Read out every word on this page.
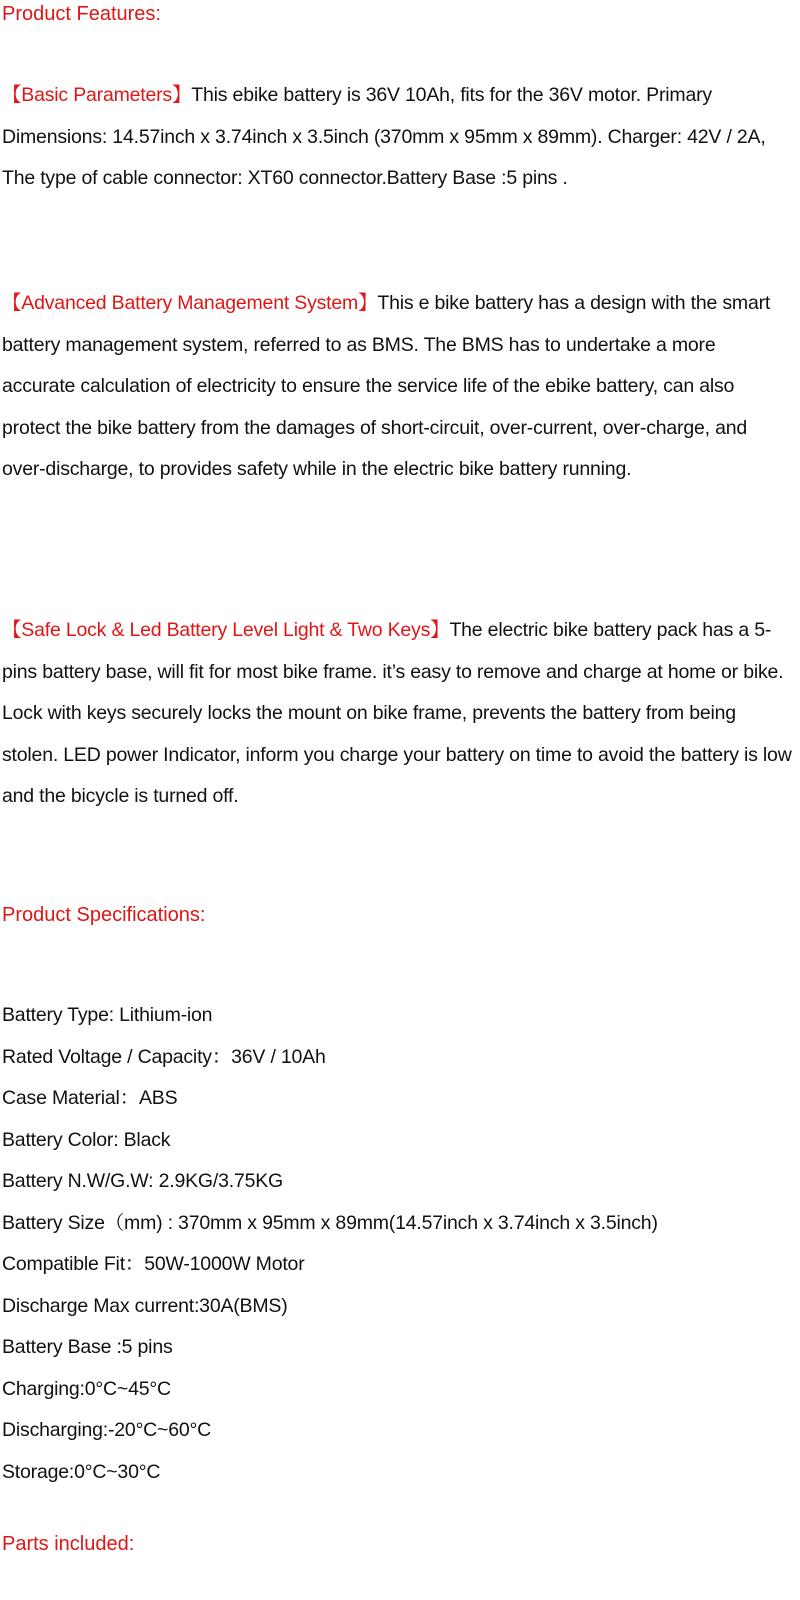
Product Features:

【Basic Parameters】This ebike battery is 36V 10Ah, fits for the 36V motor. Primary Dimensions: 14.57inch x 3.74inch x 3.5inch (370mm x 95mm x 89mm). Charger: 42V / 2A, The type of cable connector: XT60 connector.Battery Base :5 pins .

【Advanced Battery Management System】This e bike battery has a design with the smart battery management system, referred to as BMS. The BMS has to undertake a more accurate calculation of electricity to ensure the service life of the ebike battery, can also protect the bike battery from the damages of short-circuit, over-current, over-charge, and over-discharge, to provides safety while in the electric bike battery running.

【Safe Lock & Led Battery Level Light & Two Keys】The electric bike battery pack has a 5-pins battery base, will fit for most bike frame. it’s easy to remove and charge at home or bike. Lock with keys securely locks the mount on bike frame, prevents the battery from being stolen. LED power Indicator, inform you charge your battery on time to avoid the battery is low and the bicycle is turned off.

Product Specifications:
Battery Type: Lithium-ion
Rated Voltage / Capacity：36V / 10Ah
Case Material：ABS
Battery Color: Black
Battery N.W/G.W: 2.9KG/3.75KG
Battery Size（mm) : 370mm x 95mm x 89mm(14.57inch x 3.74inch x 3.5inch)
Compatible Fit：50W-1000W Motor
Discharge Max current:30A(BMS)
Battery Base :5 pins
Charging:0°C~45°C
Discharging:-20°C~60°C
Storage:0°C~30°C
Parts included:
